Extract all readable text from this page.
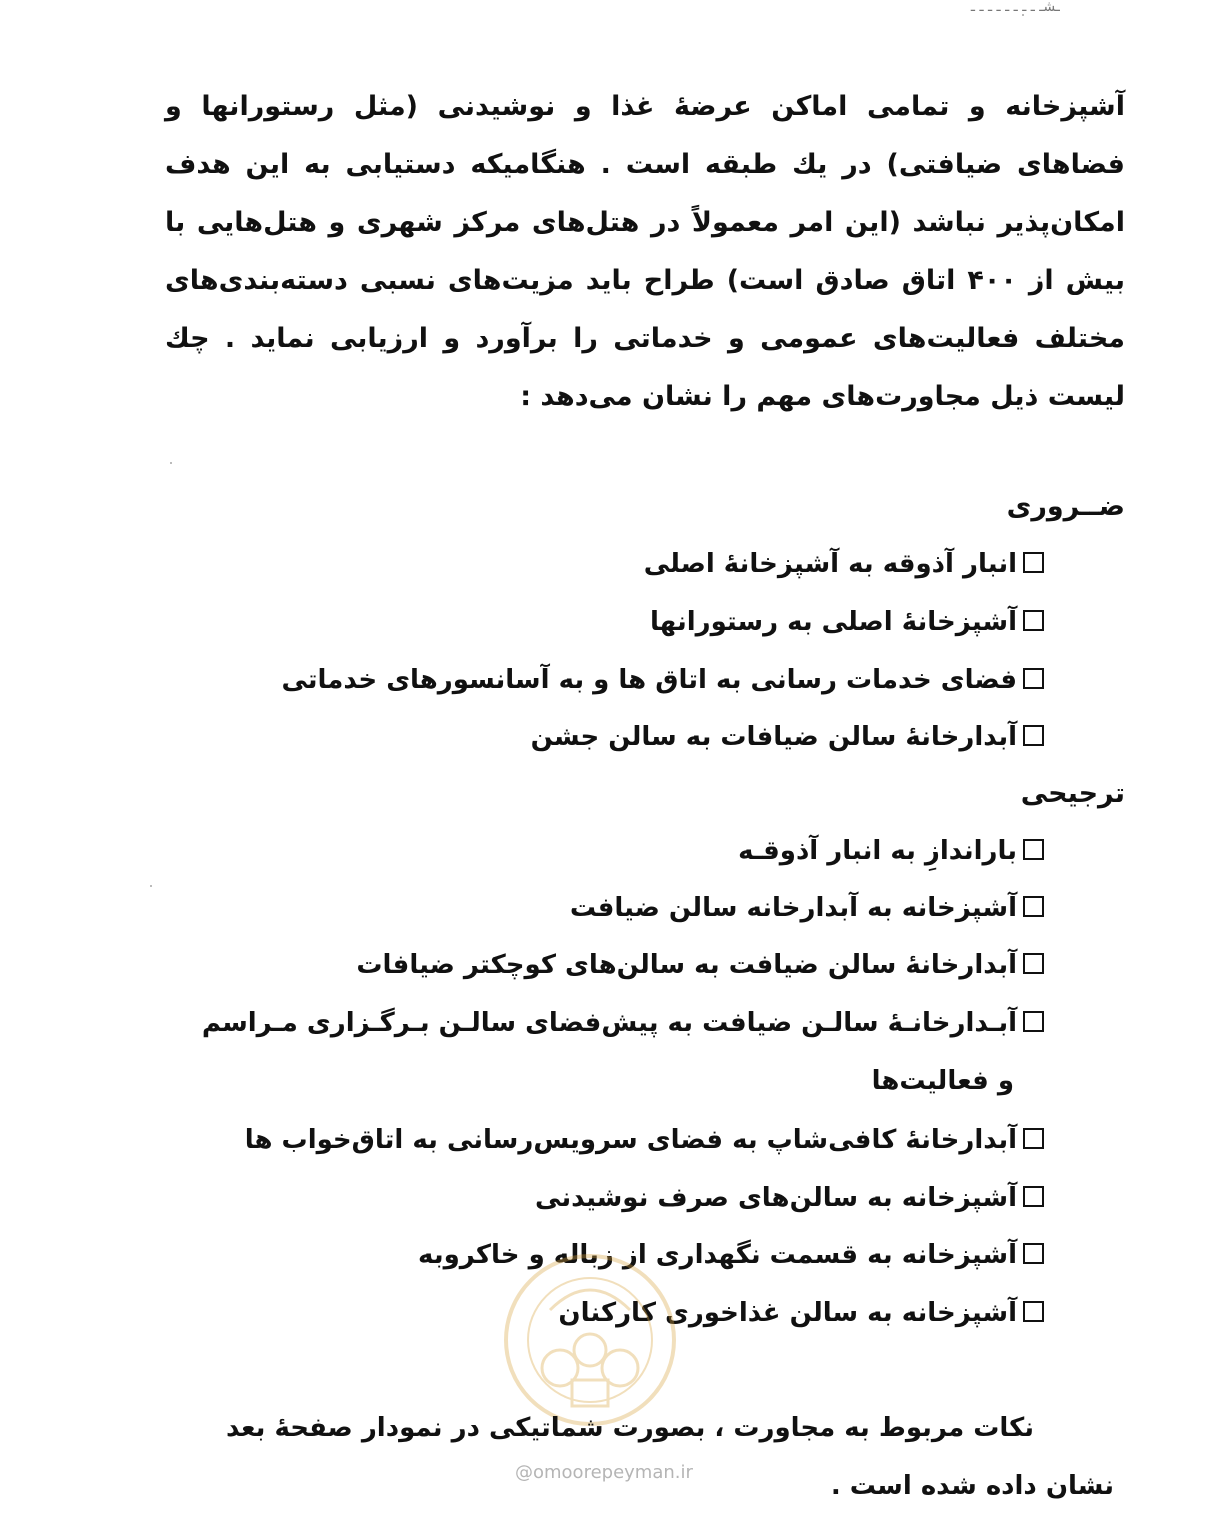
ـشـ ـ ـ ـ ـ ـ ـ ـ ـ
آشپزخانه و تمامی اماکن عرضهٔ غذا و نوشیدنی (مثل رستورانها و فضاهای ضیافتی) در یك طبقه است . هنگامیکه دستیابی به این هدف امکان‌پذیر نباشد (این امر معمولاً در هتل‌های مرکز شهری و هتل‌هایی با بیش از ۴۰۰ اتاق صادق است) طراح باید مزیت‌های نسبی دسته‌بندی‌های مختلف فعالیت‌های عمومی و خدماتی را برآورد و ارزیابی نماید . چك لیست ذیل مجاورت‌های مهم را نشان می‌دهد :
ضــروری
انبار آذوقه به آشپزخانهٔ اصلی
آشپزخانهٔ اصلی به رستورانها
فضای خدمات رسانی به اتاق ها و به آسانسورهای خدماتی
آبدارخانهٔ سالن ضیافات به سالن جشن
ترجیحی
باراندازِ به انبار آذوقـه
آشپزخانه به آبدارخانه سالن ضیافت
آبدارخانهٔ سالن ضیافت به سالن‌های کوچکتر ضیافات
آبـدارخانـهٔ سالـن ضیافت به پیش‌فضای سالـن بـرگـزاری مـراسم
و فعالیت‌ها
آبدارخانهٔ کافی‌شاپ به فضای سرویس‌رسانی به اتاق‌خواب ها
آشپزخانه به سالن‌های صرف نوشیدنی
آشپزخانه به قسمت نگهداری از زباله و خاکروبه
آشپزخانه به سالن غذاخوری کارکنان
نکات مربوط به مجاورت ، بصورت شماتیکی در نمودار صفحهٔ بعد
@omoorepeyman.ir	نشان داده شده است .
